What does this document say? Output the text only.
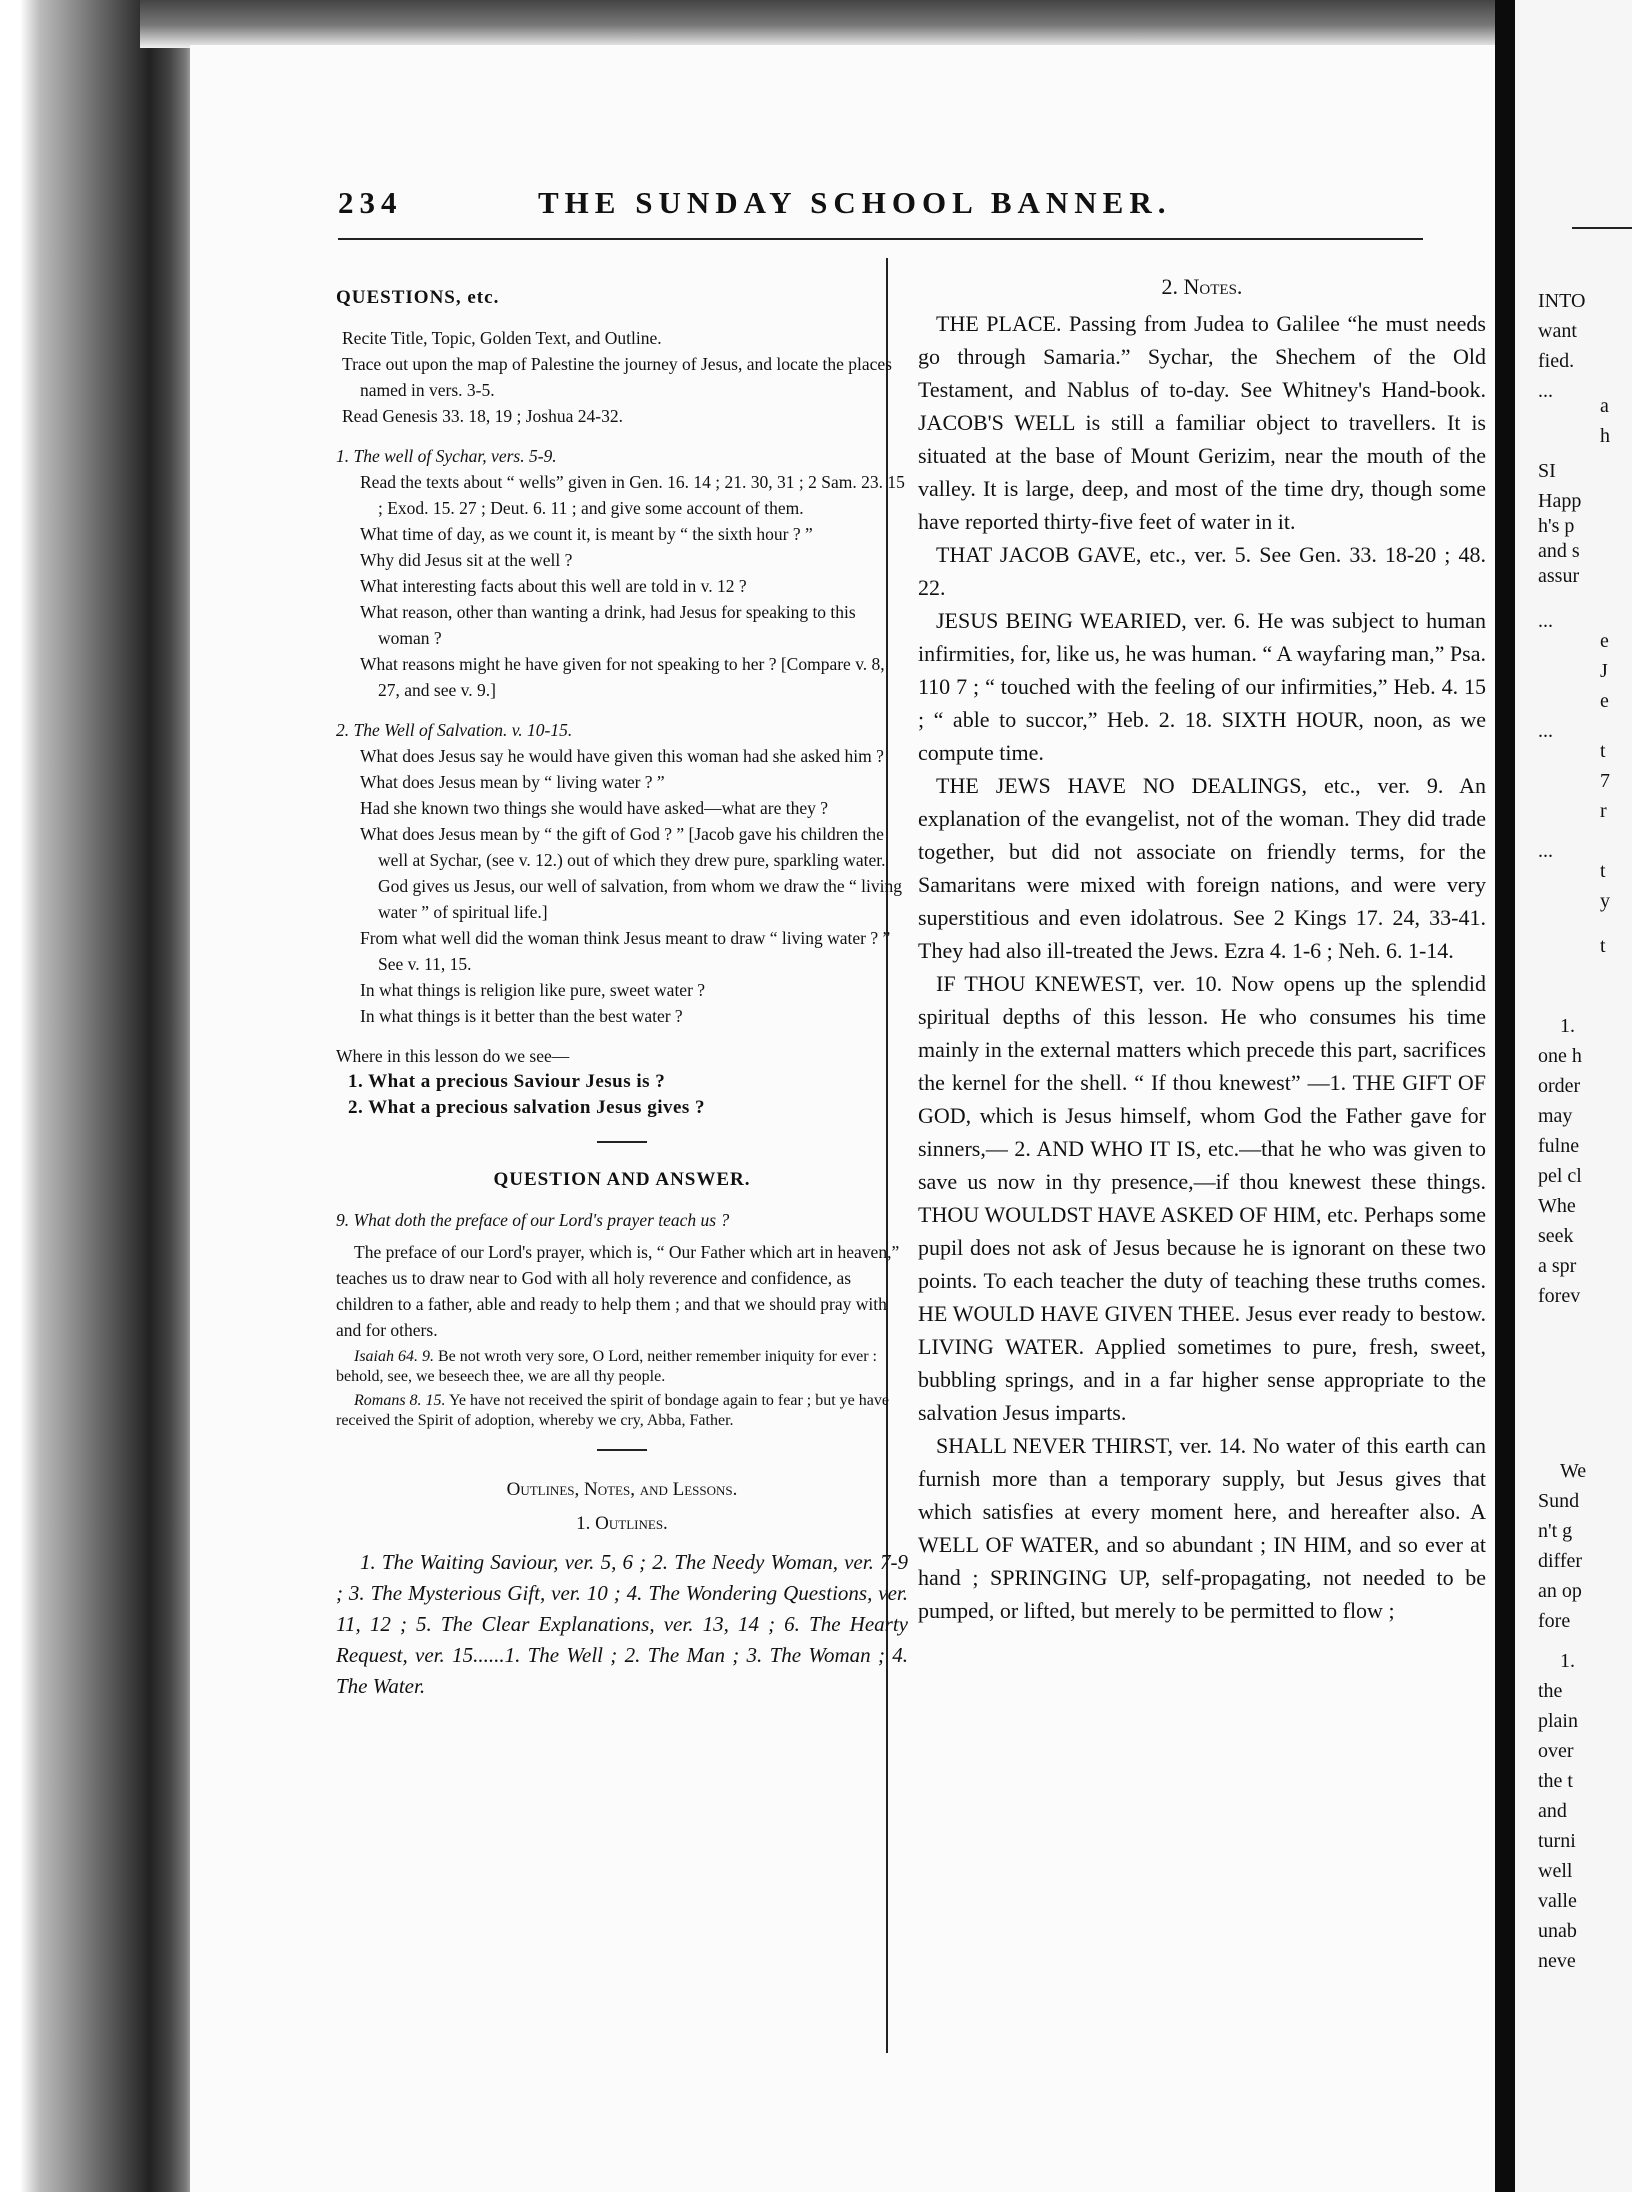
234	THE SUNDAY SCHOOL BANNER.

QUESTIONS, etc.

Recite Title, Topic, Golden Text, and Outline.

Trace out upon the map of Palestine the journey of Jesus, and locate the places named in vers. 3-5.

Read Genesis 33. 18, 19 ; Joshua 24-32.

1. The well of Sychar, vers. 5-9.

Read the texts about “ wells” given in Gen. 16. 14 ; 21. 30, 31 ; 2 Sam. 23. 15 ; Exod. 15. 27 ; Deut. 6. 11 ; and give some account of them.

What time of day, as we count it, is meant by “ the sixth hour ? ”

Why did Jesus sit at the well ?

What interesting facts about this well are told in v. 12 ?

What reason, other than wanting a drink, had Jesus for speaking to this woman ?

What reasons might he have given for not speaking to her ? [Compare v. 8, 27, and see v. 9.]

2. The Well of Salvation. v. 10-15.

What does Jesus say he would have given this woman had she asked him ?

What does Jesus mean by “ living water ? ”

Had she known two things she would have asked—what are they ?

What does Jesus mean by “ the gift of God ? ” [Jacob gave his children the well at Sychar, (see v. 12.) out of which they drew pure, sparkling water. God gives us Jesus, our well of salvation, from whom we draw the “ living water ” of spiritual life.]

From what well did the woman think Jesus meant to draw “ living water ? ” See v. 11, 15.

In what things is religion like pure, sweet water ?

In what things is it better than the best water ?

Where in this lesson do we see—

1. What a precious Saviour Jesus is ?

2. What a precious salvation Jesus gives ?

QUESTION AND ANSWER.

9. What doth the preface of our Lord's prayer teach us ?

The preface of our Lord's prayer, which is, “ Our Father which art in heaven,” teaches us to draw near to God with all holy reverence and confidence, as children to a father, able and ready to help them ; and that we should pray with and for others.

Isaiah 64. 9. Be not wroth very sore, O Lord, neither remember iniquity for ever : behold, see, we beseech thee, we are all thy people.

Romans 8. 15. Ye have not received the spirit of bondage again to fear ; but ye have received the Spirit of adoption, whereby we cry, Abba, Father.

Outlines, Notes, and Lessons.

1. Outlines.

1. The Waiting Saviour, ver. 5, 6 ; 2. The Needy Woman, ver. 7-9 ; 3. The Mysterious Gift, ver. 10 ; 4. The Wondering Questions, ver. 11, 12 ; 5. The Clear Explanations, ver. 13, 14 ; 6. The Hearty Request, ver. 15......1. The Well ; 2. The Man ; 3. The Woman ; 4. The Water.

2. Notes.

THE PLACE. Passing from Judea to Galilee “he must needs go through Samaria.” Sychar, the Shechem of the Old Testament, and Nablus of to-day. See Whitney's Hand-book. JACOB'S WELL is still a familiar object to travellers. It is situated at the base of Mount Gerizim, near the mouth of the valley. It is large, deep, and most of the time dry, though some have reported thirty-five feet of water in it.

THAT JACOB GAVE, etc., ver. 5. See Gen. 33. 18-20 ; 48. 22.

JESUS BEING WEARIED, ver. 6. He was subject to human infirmities, for, like us, he was human. “ A wayfaring man,” Psa. 110 7 ; “ touched with the feeling of our infirmities,” Heb. 4. 15 ; “ able to succor,” Heb. 2. 18. SIXTH HOUR, noon, as we compute time.

THE JEWS HAVE NO DEALINGS, etc., ver. 9. An explanation of the evangelist, not of the woman. They did trade together, but did not associate on friendly terms, for the Samaritans were mixed with foreign nations, and were very superstitious and even idolatrous. See 2 Kings 17. 24, 33-41. They had also ill-treated the Jews. Ezra 4. 1-6 ; Neh. 6. 1-14.

IF THOU KNEWEST, ver. 10. Now opens up the splendid spiritual depths of this lesson. He who consumes his time mainly in the external matters which precede this part, sacrifices the kernel for the shell. “ If thou knewest” —1. THE GIFT OF GOD, which is Jesus himself, whom God the Father gave for sinners,— 2. AND WHO IT IS, etc.—that he who was given to save us now in thy presence,—if thou knewest these things. THOU WOULDST HAVE ASKED OF HIM, etc. Perhaps some pupil does not ask of Jesus because he is ignorant on these two points. To each teacher the duty of teaching these truths comes. HE WOULD HAVE GIVEN THEE. Jesus ever ready to bestow. LIVING WATER. Applied sometimes to pure, fresh, sweet, bubbling springs, and in a far higher sense appropriate to the salvation Jesus imparts.

SHALL NEVER THIRST, ver. 14. No water of this earth can furnish more than a temporary supply, but Jesus gives that which satisfies at every moment here, and hereafter also. A WELL OF WATER, and so abundant ; IN HIM, and so ever at hand ; SPRINGING UP, self-propagating, not needed to be pumped, or lifted, but merely to be permitted to flow ;

INTO
want
fied.
...
a
h
SI
Happ
h's p
and s
assur
...
e
J
e
...
t
7
r
...
t
y
t
1.
one h
order
may
fulne
pel cl
Whe
seek
a spr
forev
We
Sund
n't g
differ
an op
fore
1.
the
plain
over
the t
and
turni
well
valle
unab
neve
